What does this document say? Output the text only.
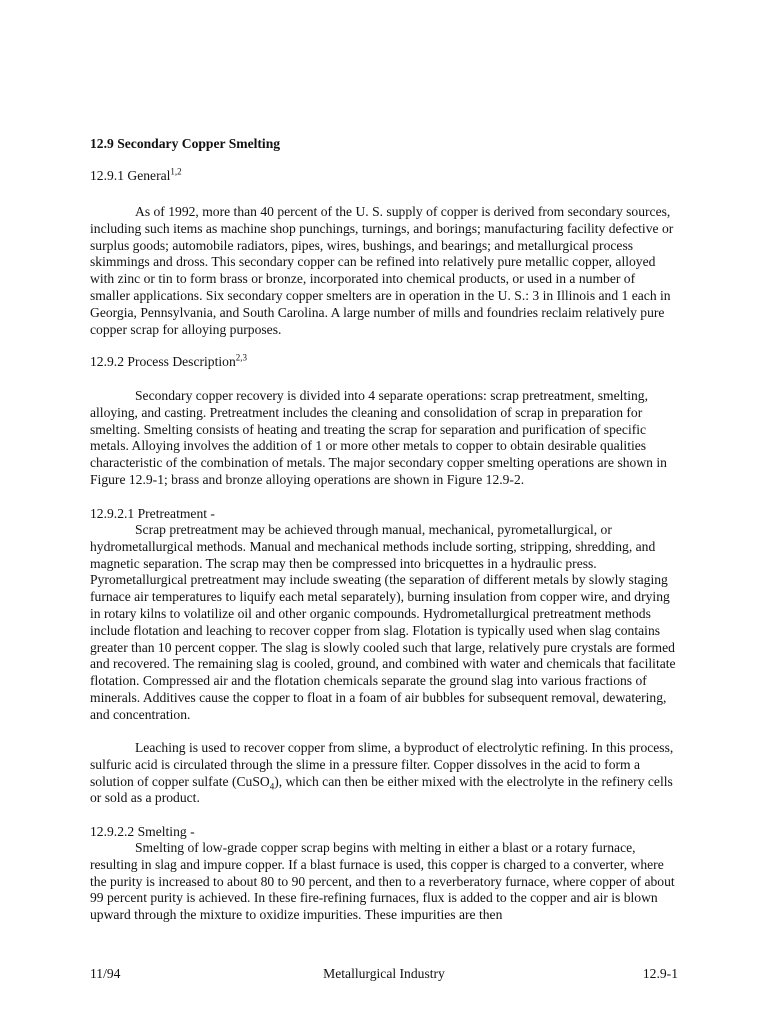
12.9 Secondary Copper Smelting
12.9.1 General$^{1,2}$

As of 1992, more than 40 percent of the U. S. supply of copper is derived from secondary sources, including such items as machine shop punchings, turnings, and borings; manufacturing facility defective or surplus goods; automobile radiators, pipes, wires, bushings, and bearings; and metallurgical process skimmings and dross. This secondary copper can be refined into relatively pure metallic copper, alloyed with zinc or tin to form brass or bronze, incorporated into chemical products, or used in a number of smaller applications. Six secondary copper smelters are in operation in the U. S.: 3 in Illinois and 1 each in Georgia, Pennsylvania, and South Carolina. A large number of mills and foundries reclaim relatively pure copper scrap for alloying purposes.

12.9.2 Process Description$^{2,3}$

Secondary copper recovery is divided into 4 separate operations: scrap pretreatment, smelting, alloying, and casting. Pretreatment includes the cleaning and consolidation of scrap in preparation for smelting. Smelting consists of heating and treating the scrap for separation and purification of specific metals. Alloying involves the addition of 1 or more other metals to copper to obtain desirable qualities characteristic of the combination of metals. The major secondary copper smelting operations are shown in Figure 12.9-1; brass and bronze alloying operations are shown in Figure 12.9-2.

12.9.2.1 Pretreatment -

Scrap pretreatment may be achieved through manual, mechanical, pyrometallurgical, or hydrometallurgical methods. Manual and mechanical methods include sorting, stripping, shredding, and magnetic separation. The scrap may then be compressed into bricquettes in a hydraulic press. Pyrometallurgical pretreatment may include sweating (the separation of different metals by slowly staging furnace air temperatures to liquify each metal separately), burning insulation from copper wire, and drying in rotary kilns to volatilize oil and other organic compounds. Hydrometallurgical pretreatment methods include flotation and leaching to recover copper from slag. Flotation is typically used when slag contains greater than 10 percent copper. The slag is slowly cooled such that large, relatively pure crystals are formed and recovered. The remaining slag is cooled, ground, and combined with water and chemicals that facilitate flotation. Compressed air and the flotation chemicals separate the ground slag into various fractions of minerals. Additives cause the copper to float in a foam of air bubbles for subsequent removal, dewatering, and concentration.

Leaching is used to recover copper from slime, a byproduct of electrolytic refining. In this process, sulfuric acid is circulated through the slime in a pressure filter. Copper dissolves in the acid to form a solution of copper sulfate (CuSO$_4$), which can then be either mixed with the electrolyte in the refinery cells or sold as a product.

12.9.2.2 Smelting -

Smelting of low-grade copper scrap begins with melting in either a blast or a rotary furnace, resulting in slag and impure copper. If a blast furnace is used, this copper is charged to a converter, where the purity is increased to about 80 to 90 percent, and then to a reverberatory furnace, where copper of about 99 percent purity is achieved. In these fire-refining furnaces, flux is added to the copper and air is blown upward through the mixture to oxidize impurities. These impurities are then

11/94	Metallurgical Industry	12.9-1
